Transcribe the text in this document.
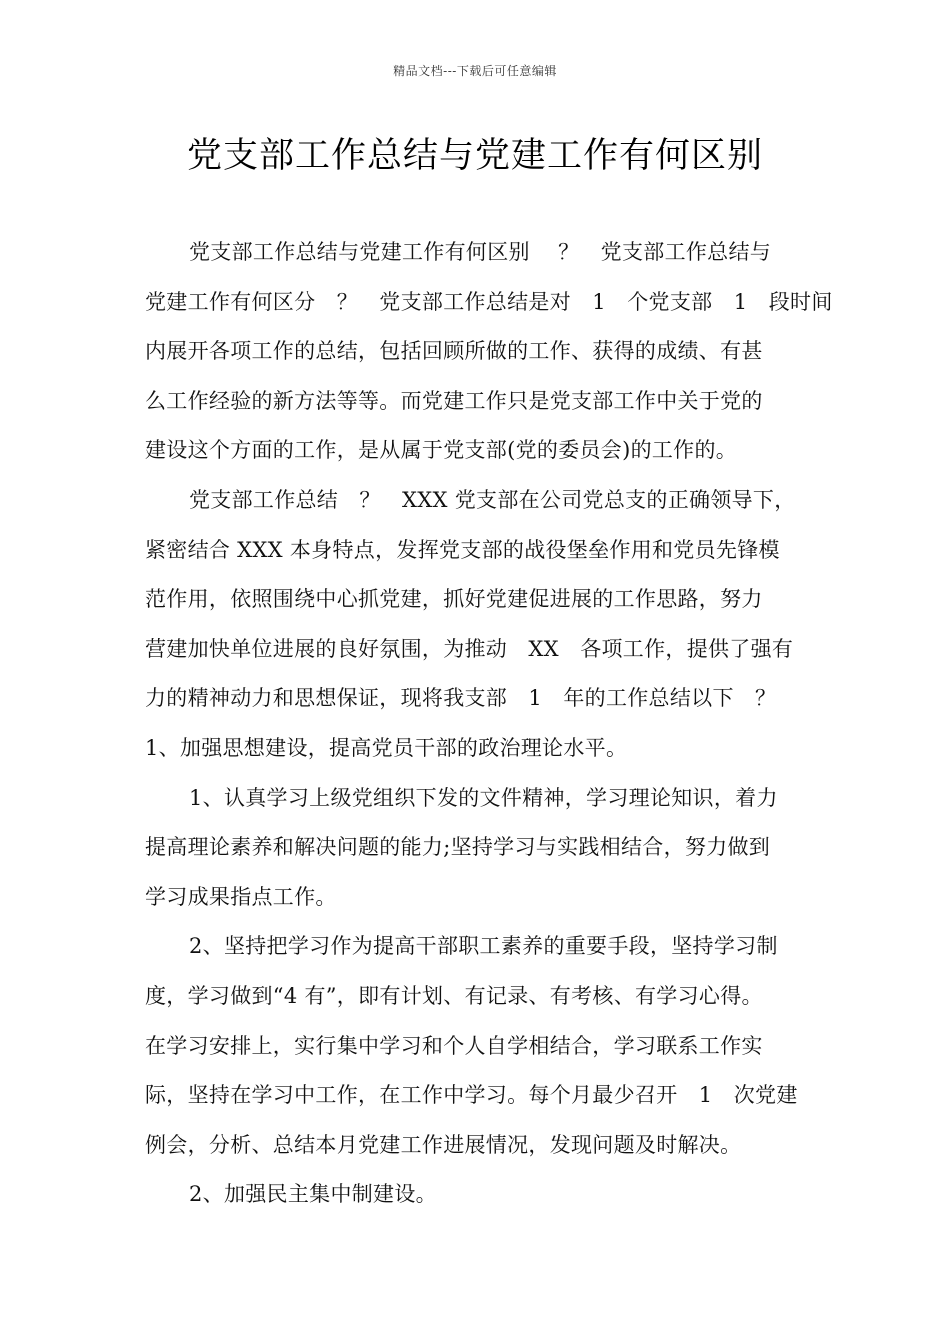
精品文档---下载后可任意编辑
党支部工作总结与党建工作有何区别
党支部工作总结与党建工作有何区别　 ？　党支部工作总结与
党建工作有何区分　？　党支部工作总结是对　1　个党支部　1　段时间
内展开各项工作的总结，包括回顾所做的工作、获得的成绩、有甚
么工作经验的新方法等等。而党建工作只是党支部工作中关于党的
建设这个方面的工作，是从属于党支部(党的委员会)的工作的。
党支部工作总结　？　XXX 党支部在公司党总支的正确领导下，
紧密结合 XXX 本身特点，发挥党支部的战役堡垒作用和党员先锋模
范作用，依照围绕中心抓党建，抓好党建促进展的工作思路，努力
营建加快单位进展的良好氛围，为推动　XX　各项工作，提供了强有
力的精神动力和思想保证，现将我支部　1　年的工作总结以下　？
1、加强思想建设，提高党员干部的政治理论水平。
1、认真学习上级党组织下发的文件精神，学习理论知识，着力
提高理论素养和解决问题的能力;坚持学习与实践相结合，努力做到
学习成果指点工作。
2、坚持把学习作为提高干部职工素养的重要手段，坚持学习制
度，学习做到“4 有”，即有计划、有记录、有考核、有学习心得。
在学习安排上，实行集中学习和个人自学相结合，学习联系工作实
际，坚持在学习中工作，在工作中学习。每个月最少召开　1　次党建
例会，分析、总结本月党建工作进展情况，发现问题及时解决。
2、加强民主集中制建设。
